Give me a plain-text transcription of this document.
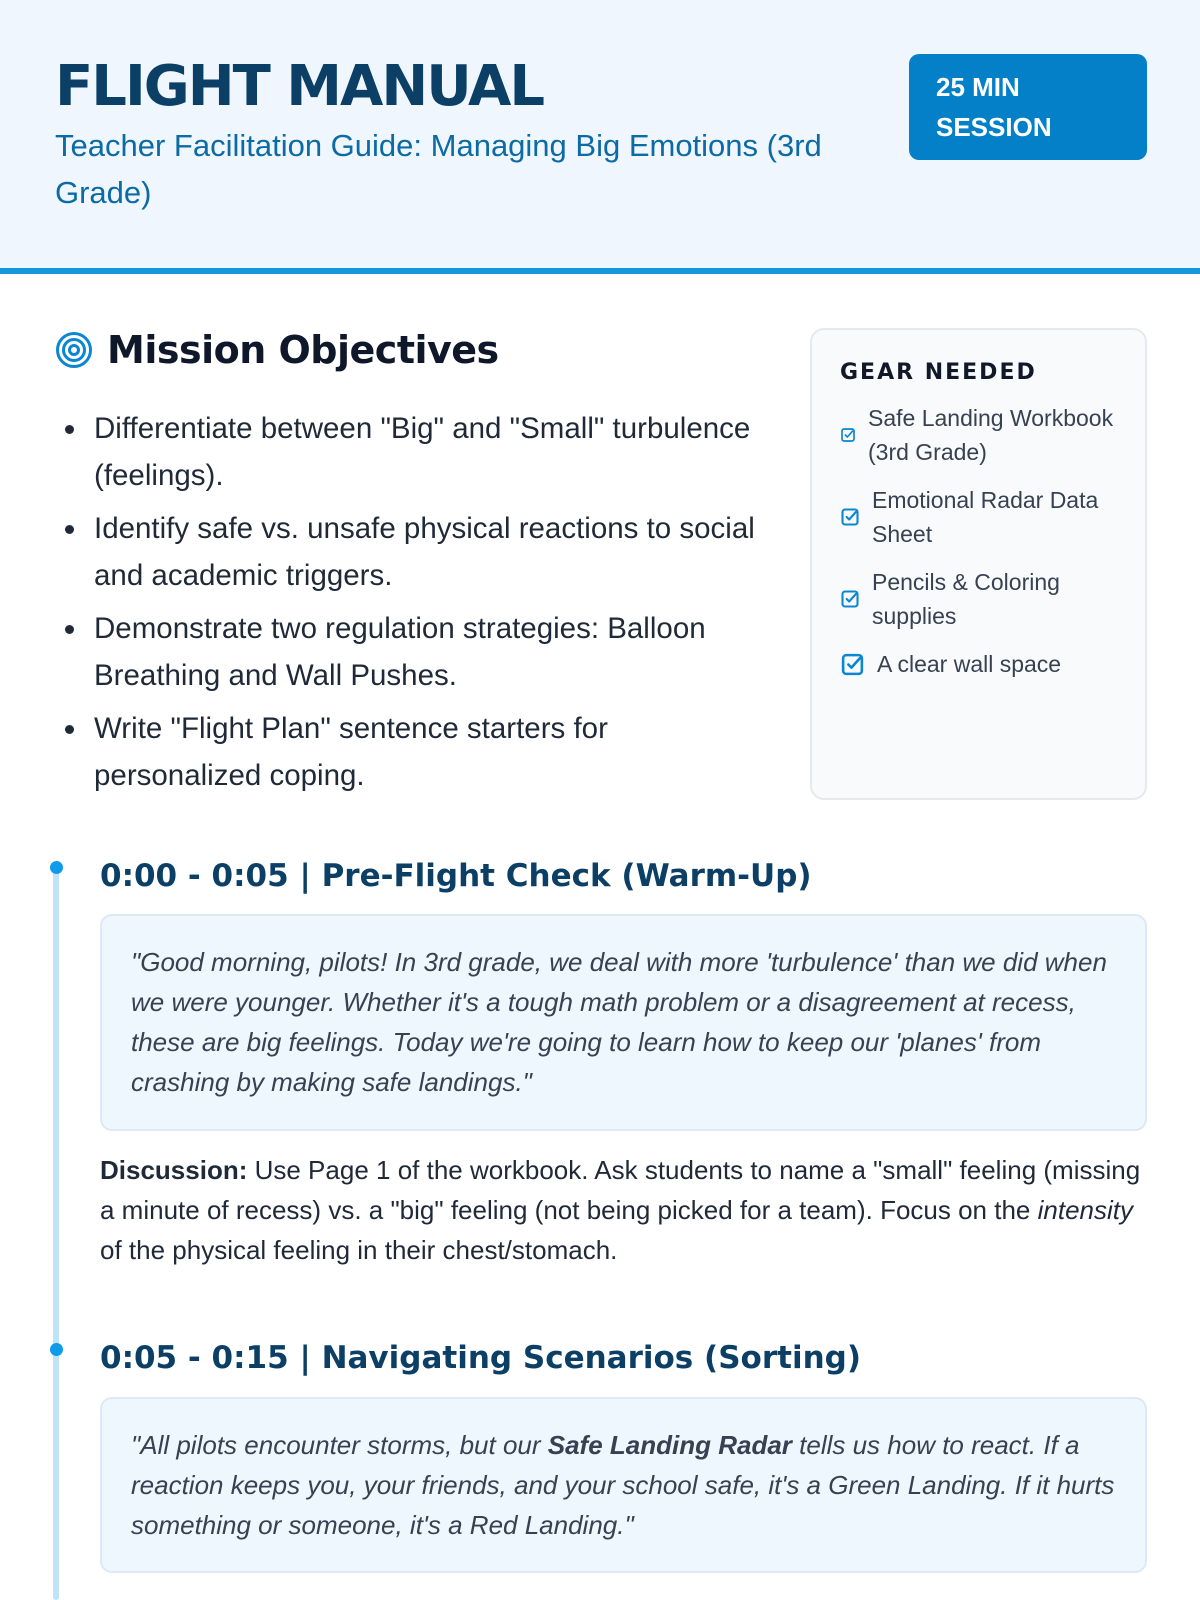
FLIGHT MANUAL
Teacher Facilitation Guide: Managing Big Emotions (3rd Grade)
25 MIN
SESSION
Mission Objectives
Differentiate between "Big" and "Small" turbulence (feelings).
Identify safe vs. unsafe physical reactions to social and academic triggers.
Demonstrate two regulation strategies: Balloon Breathing and Wall Pushes.
Write "Flight Plan" sentence starters for personalized coping.
GEAR NEEDED
Safe Landing Workbook (3rd Grade)
Emotional Radar Data Sheet
Pencils & Coloring supplies
A clear wall space
0:00 - 0:05 | Pre-Flight Check (Warm-Up)
"Good morning, pilots! In 3rd grade, we deal with more 'turbulence' than we did when we were younger. Whether it's a tough math problem or a disagreement at recess, these are big feelings. Today we're going to learn how to keep our 'planes' from crashing by making safe landings."
Discussion: Use Page 1 of the workbook. Ask students to name a "small" feeling (missing a minute of recess) vs. a "big" feeling (not being picked for a team). Focus on the intensity of the physical feeling in their chest/stomach.
0:05 - 0:15 | Navigating Scenarios (Sorting)
"All pilots encounter storms, but our Safe Landing Radar tells us how to react. If a reaction keeps you, your friends, and your school safe, it's a Green Landing. If it hurts something or someone, it's a Red Landing."
